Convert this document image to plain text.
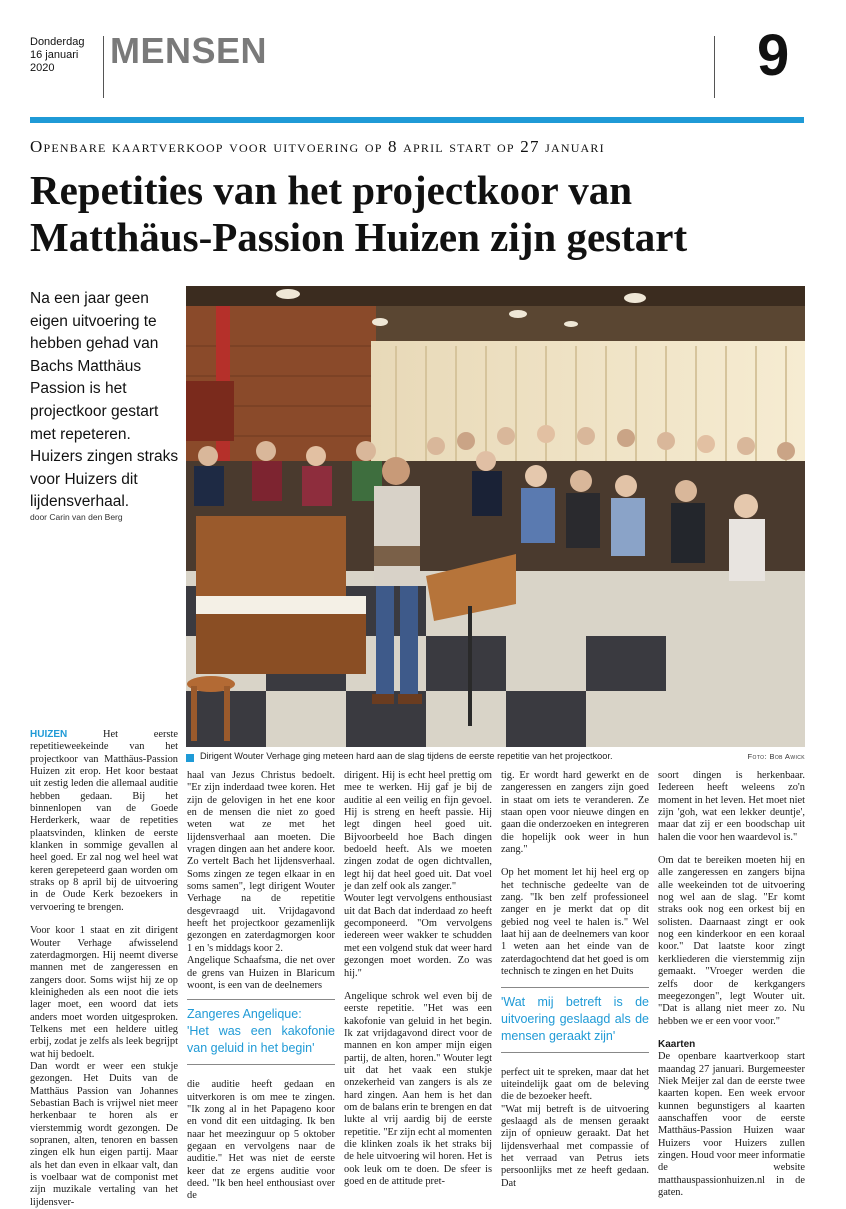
Donderdag
16 januari
2020	MENSEN	9
Openbare kaartverkoop voor uitvoering op 8 april start op 27 januari
Repetities van het projectkoor van Matthäus-Passion Huizen zijn gestart
Na een jaar geen eigen uitvoering te hebben gehad van Bachs Matthäus Passion is het projectkoor gestart met repeteren. Huizers zingen straks voor Huizers dit lijdensverhaal.
door Carin van den Berg
Dirigent Wouter Verhage ging meteen hard aan de slag tijdens de eerste repetitie van het projectkoor.	Foto: Bob Awick

HUIZEN	Het eerste repetitieweekeinde van het projectkoor van Matthäus-Passion Huizen zit erop. Het koor bestaat uit zestig leden die allemaal auditie hebben gedaan. Bij het binnenlopen van de Goede Herderkerk, waar de repetities plaatsvinden, klinken de eerste klanken in sommige gevallen al heel goed. Er zal nog wel heel wat keren gerepeteerd gaan worden om straks op 8 april bij de uitvoering in de Oude Kerk bezoekers in vervoering te brengen.

Voor koor 1 staat en zit dirigent Wouter Verhage afwisselend zaterdagmorgen. Hij neemt diverse mannen met de zangeressen en zangers door. Soms wijst hij ze op kleinigheden als een noot die iets lager moet, een woord dat iets anders moet worden uitgesproken. Telkens met een heldere uitleg erbij, zodat je zelfs als leek begrijpt wat hij bedoelt.

Dan wordt er weer een stukje gezongen. Het Duits van de Matthäus Passion van Johannes Sebastian Bach is vrijwel niet meer herkenbaar te horen als er vierstemmig wordt gezongen. De sopranen, alten, tenoren en bassen zingen elk hun eigen partij. Maar als het dan even in elkaar valt, dan is voelbaar wat de componist met zijn muzikale vertaling van het lijdensver-

haal van Jezus Christus bedoelt. "Er zijn inderdaad twee koren. Het zijn de gelovigen in het ene koor en de mensen die niet zo goed weten wat ze met het lijdensverhaal aan moeten. Die vragen dingen aan het andere koor. Zo vertelt Bach het lijdensverhaal. Soms zingen ze tegen elkaar in en soms samen", legt dirigent Wouter Verhage na de repetitie desgevraagd uit. Vrijdagavond heeft het projectkoor gezamenlijk gezongen en zaterdagmorgen koor 1 en 's middags koor 2.

Angelique Schaafsma, die net over de grens van Huizen in Blaricum woont, is een van de deelnemers

Zangeres Angelique:
'Het was een kakofonie van geluid in het begin'

die auditie heeft gedaan en uitverkoren is om mee te zingen. "Ik zong al in het Papageno koor en vond dit een uitdaging. Ik ben naar het meezinguur op 5 oktober gegaan en vervolgens naar de auditie." Het was niet de eerste keer dat ze ergens auditie voor deed. "Ik ben heel enthousiast over de

dirigent. Hij is echt heel prettig om mee te werken. Hij gaf je bij de auditie al een veilig en fijn gevoel. Hij is streng en heeft passie. Hij legt dingen heel goed uit. Bijvoorbeeld hoe Bach dingen bedoeld heeft. Als we moeten zingen zodat de ogen dichtvallen, legt hij dat heel goed uit. Dat voel je dan zelf ook als zanger."

Wouter legt vervolgens enthousiast uit dat Bach dat inderdaad zo heeft gecomponeerd. "Om vervolgens iedereen weer wakker te schudden met een volgend stuk dat weer hard gezongen moet worden. Zo was hij."

Angelique schrok wel even bij de eerste repetitie. "Het was een kakofonie van geluid in het begin. Ik zat vrijdagavond direct voor de mannen en kon amper mijn eigen partij, de alten, horen." Wouter legt uit dat het vaak een stukje onzekerheid van zangers is als ze hard zingen. Aan hem is het dan om de balans erin te brengen en dat lukte al vrij aardig bij de eerste repetitie. "Er zijn echt al momenten die klinken zoals ik het straks bij de hele uitvoering wil horen. Het is ook leuk om te doen. De sfeer is goed en de attitude pret-

tig. Er wordt hard gewerkt en de zangeressen en zangers zijn goed in staat om iets te veranderen. Ze staan open voor nieuwe dingen en gaan die onderzoeken en integreren die hopelijk ook weer in hun zang."

Op het moment let hij heel erg op het technische gedeelte van de zang. "Ik ben zelf professioneel zanger en je merkt dat op dit gebied nog veel te halen is." Wel laat hij aan de deelnemers van koor 1 weten aan het einde van de zaterdagochtend dat het goed is om technisch te zingen en het Duits

'Wat mij betreft is de uitvoering geslaagd als de mensen geraakt zijn'

perfect uit te spreken, maar dat het uiteindelijk gaat om de beleving die de bezoeker heeft.

"Wat mij betreft is de uitvoering geslaagd als de mensen geraakt zijn of opnieuw geraakt. Dat het lijdensverhaal met compassie of het verraad van Petrus iets persoonlijks met ze heeft gedaan. Dat

soort dingen is herkenbaar. Iedereen heeft weleens zo'n moment in het leven. Het moet niet zijn 'goh, wat een lekker deuntje', maar dat zij er een boodschap uit halen die voor hen waardevol is."

Om dat te bereiken moeten hij en alle zangeressen en zangers bijna alle weekeinden tot de uitvoering nog wel aan de slag. "Er komt straks ook nog een orkest bij en solisten. Daarnaast zingt er ook nog een kinderkoor en een koraal koor." Dat laatste koor zingt kerkliederen die vierstemmig zijn gemaakt. "Vroeger werden die zelfs door de kerkgangers meegezongen", legt Wouter uit. "Dat is allang niet meer zo. Nu hebben we er een voor voor."

Kaarten

De openbare kaartverkoop start maandag 27 januari. Burgemeester Niek Meijer zal dan de eerste twee kaarten kopen. Een week ervoor kunnen begunstigers al kaarten aanschaffen voor de eerste Matthäus-Passion Huizen waar Huizers voor Huizers zullen zingen. Houd voor meer informatie de website matthauspassionhuizen.nl in de gaten.
